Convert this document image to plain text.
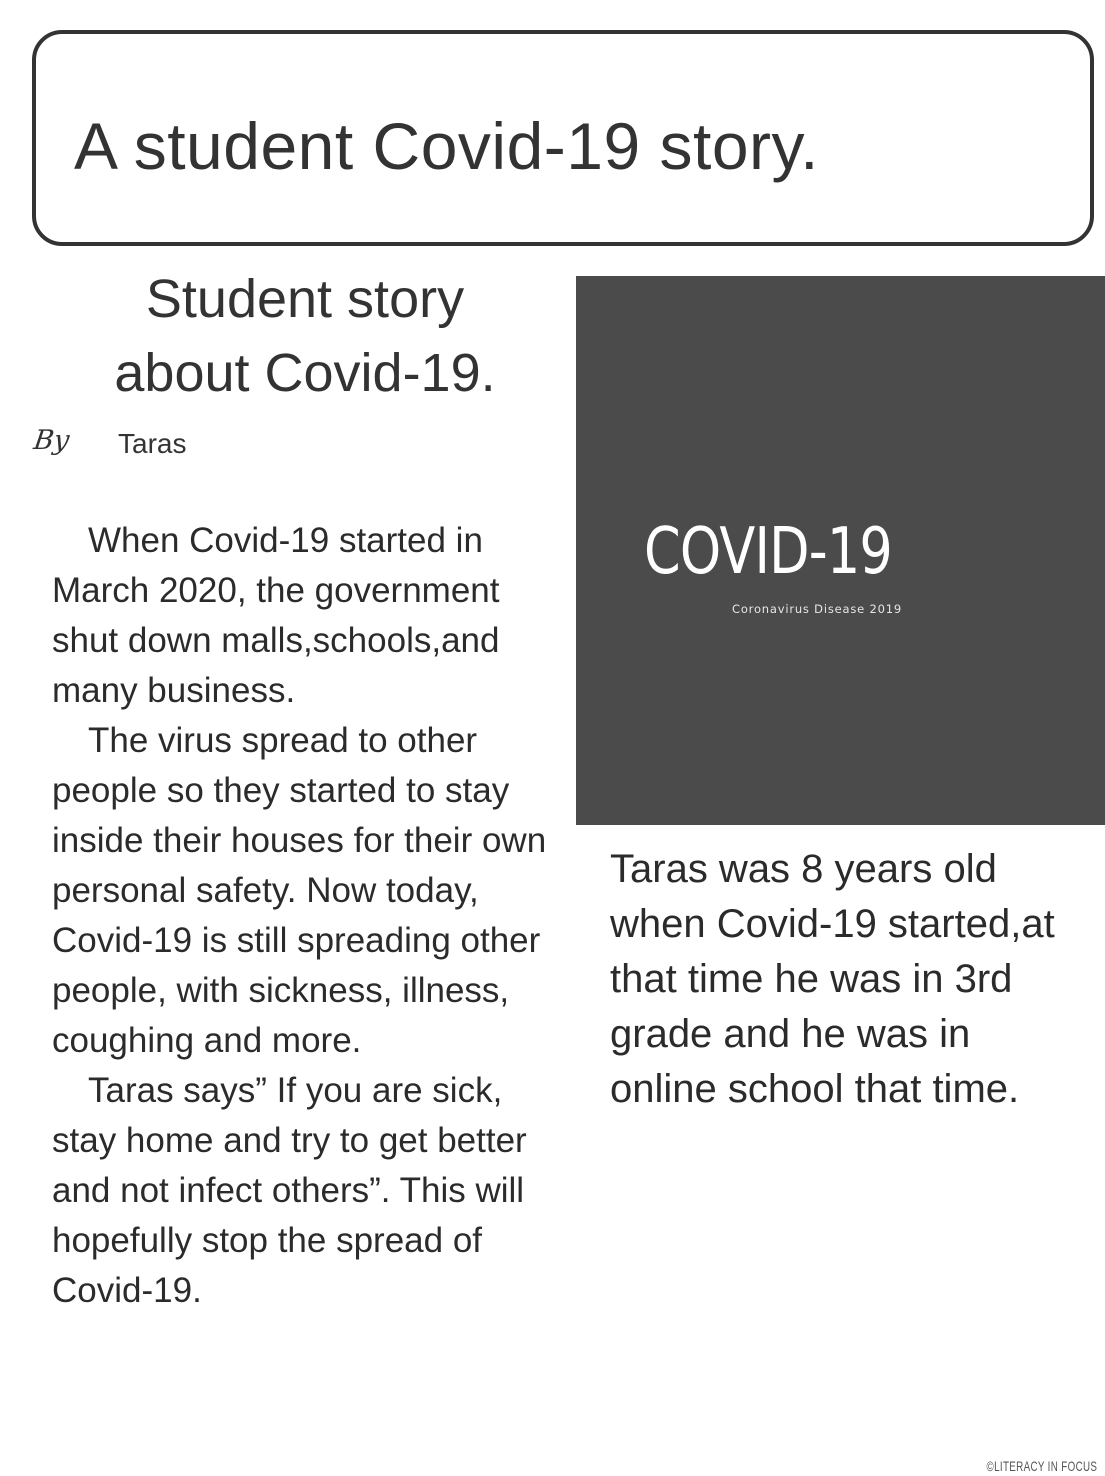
A student Covid-19 story.
Student story
about Covid-19.
By Taras

When Covid-19 started in March 2020, the government shut down malls,schools,and many business.

The virus spread to other people so they started to stay inside their houses for their own personal safety. Now today, Covid-19 is still spreading other people, with sickness, illness, coughing and more.

Taras says” If you are sick, stay home and try to get better and not infect others”. This will hopefully stop the spread of Covid-19.

COVID-19
Coronavirus Disease 2019

Taras was 8 years old when Covid-19 started,at that time he was in 3rd grade and he was in online school that time.

©LITERACY IN FOCUS
